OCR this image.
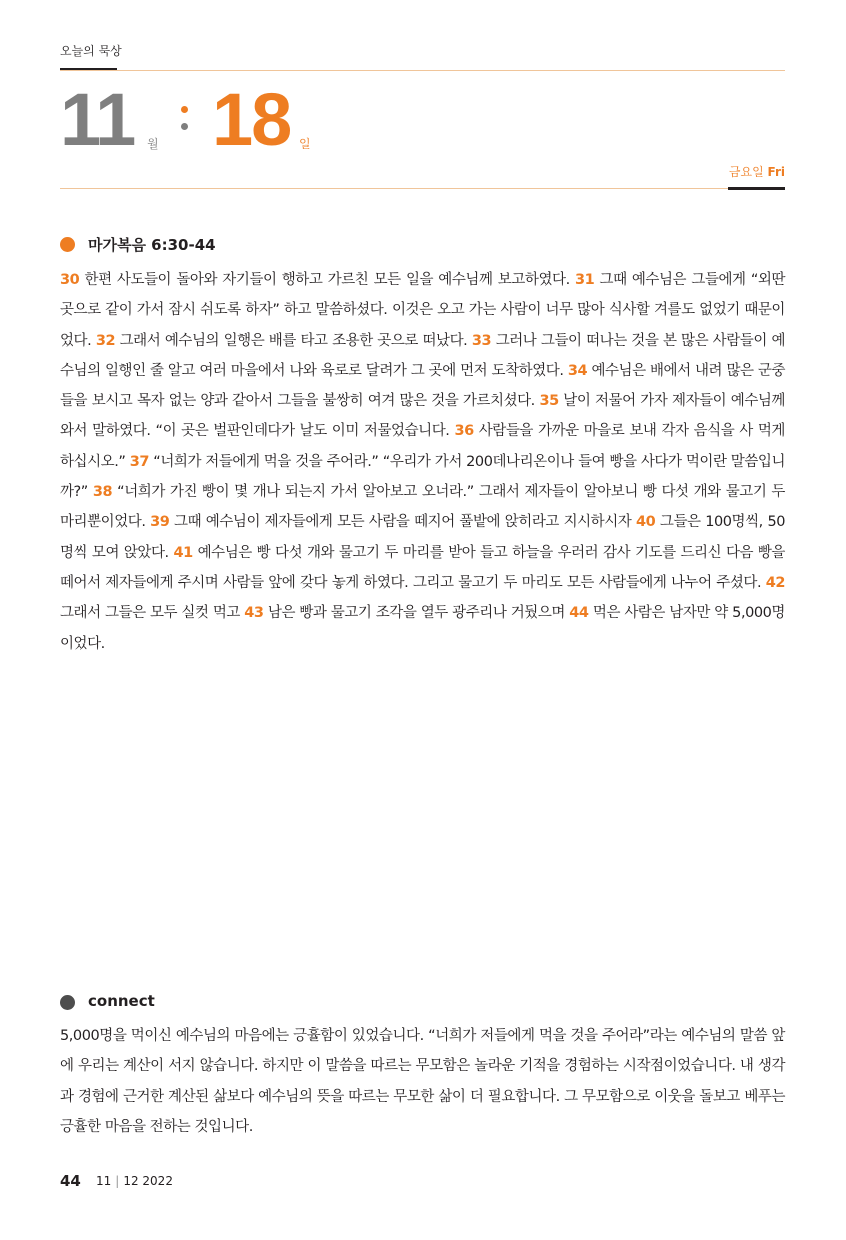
오늘의 묵상
11 월 18 일
금요일 Fri
마가복음 6:30-44
30 한편 사도들이 돌아와 자기들이 행하고 가르친 모든 일을 예수님께 보고하였다. 31 그때 예수님은 그들에게 “외딴 곳으로 같이 가서 잠시 쉬도록 하자” 하고 말씀하셨다. 이것은 오고 가는 사람이 너무 많아 식사할 겨를도 없었기 때문이었다. 32 그래서 예수님의 일행은 배를 타고 조용한 곳으로 떠났다. 33 그러나 그들이 떠나는 것을 본 많은 사람들이 예수님의 일행인 줄 알고 여러 마을에서 나와 육로로 달려가 그 곳에 먼저 도착하였다. 34 예수님은 배에서 내려 많은 군중들을 보시고 목자 없는 양과 같아서 그들을 불쌍히 여겨 많은 것을 가르치셨다. 35 날이 저물어 가자 제자들이 예수님께 와서 말하였다. “이 곳은 벌판인데다가 날도 이미 저물었습니다. 36 사람들을 가까운 마을로 보내 각자 음식을 사 먹게 하십시오.” 37 “너희가 저들에게 먹을 것을 주어라.” “우리가 가서 200데나리온이나 들여 빵을 사다가 먹이란 말씀입니까?” 38 “너희가 가진 빵이 몇 개나 되는지 가서 알아보고 오너라.” 그래서 제자들이 알아보니 빵 다섯 개와 물고기 두 마리뿐이었다. 39 그때 예수님이 제자들에게 모든 사람을 떼지어 풀밭에 앉히라고 지시하시자 40 그들은 100명씩, 50명씩 모여 앉았다. 41 예수님은 빵 다섯 개와 물고기 두 마리를 받아 들고 하늘을 우러러 감사 기도를 드리신 다음 빵을 떼어서 제자들에게 주시며 사람들 앞에 갖다 놓게 하였다. 그리고 물고기 두 마리도 모든 사람들에게 나누어 주셨다. 42 그래서 그들은 모두 실컷 먹고 43 남은 빵과 물고기 조각을 열두 광주리나 거뒀으며 44 먹은 사람은 남자만 약 5,000명이었다.
connect
5,000명을 먹이신 예수님의 마음에는 긍휼함이 있었습니다. “너희가 저들에게 먹을 것을 주어라”라는 예수님의 말씀 앞에 우리는 계산이 서지 않습니다. 하지만 이 말씀을 따르는 무모함은 놀라운 기적을 경험하는 시작점이었습니다. 내 생각과 경험에 근거한 계산된 삶보다 예수님의 뜻을 따르는 무모한 삶이 더 필요합니다. 그 무모함으로 이웃을 돌보고 베푸는 긍휼한 마음을 전하는 것입니다.
44 11 | 12 2022
